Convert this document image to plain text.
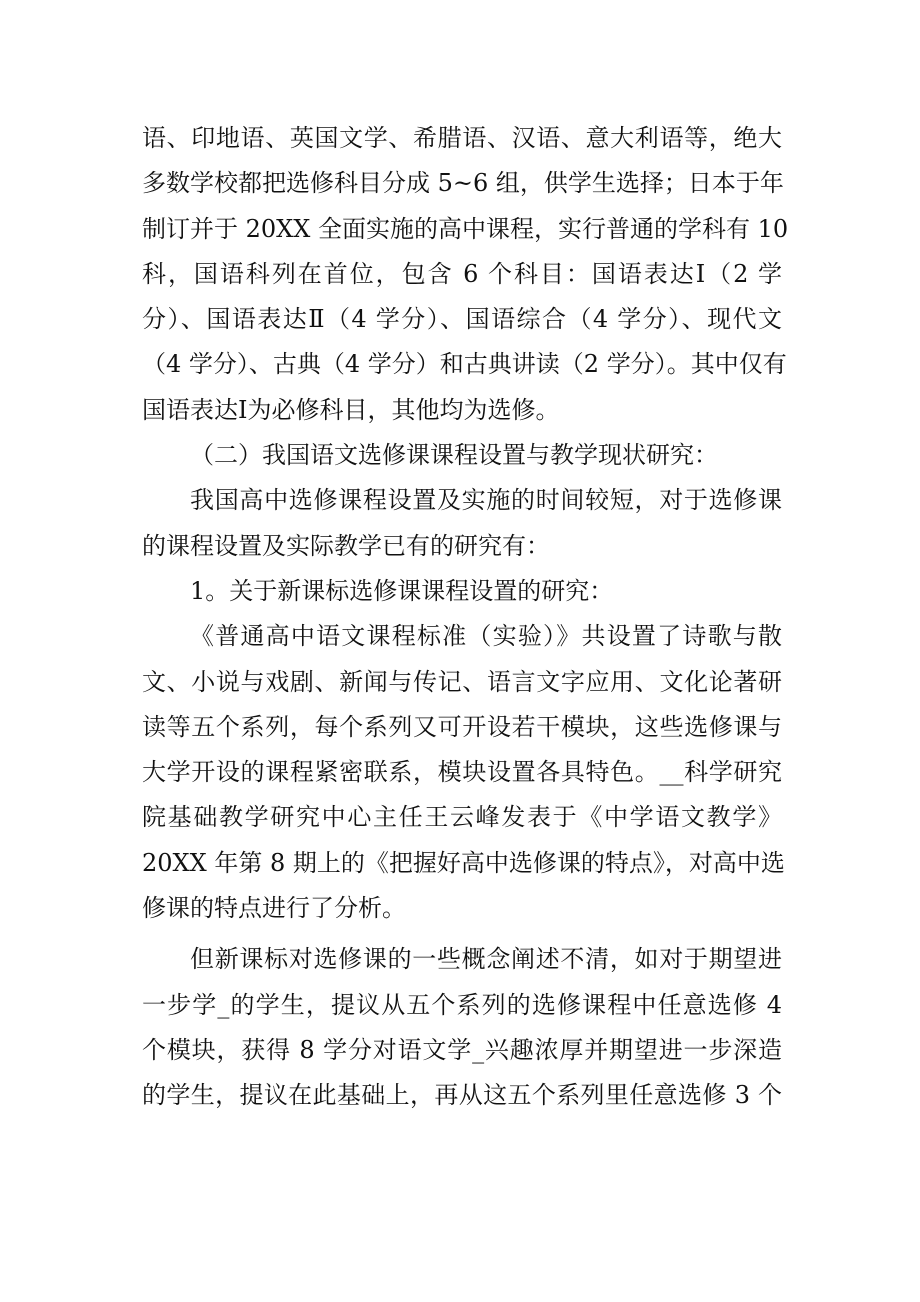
语、印地语、英国文学、希腊语、汉语、意大利语等，绝大
多数学校都把选修科目分成 5~6 组，供学生选择；日本于年
制订并于 20XX 全面实施的高中课程，实行普通的学科有 10
科，国语科列在首位，包含 6 个科目：国语表达Ⅰ（2 学
分）、国语表达Ⅱ（4 学分）、国语综合（4 学分）、现代文
（4 学分）、古典（4 学分）和古典讲读（2 学分）。其中仅有
国语表达Ⅰ为必修科目，其他均为选修。
（二）我国语文选修课课程设置与教学现状研究：
我国高中选修课程设置及实施的时间较短，对于选修课
的课程设置及实际教学已有的研究有：
1。关于新课标选修课课程设置的研究：
《普通高中语文课程标准（实验）》共设置了诗歌与散
文、小说与戏剧、新闻与传记、语言文字应用、文化论著研
读等五个系列，每个系列又可开设若干模块，这些选修课与
大学开设的课程紧密联系，模块设置各具特色。__科学研究
院基础教学研究中心主任王云峰发表于《中学语文教学》
20XX 年第 8 期上的《把握好高中选修课的特点》，对高中选
修课的特点进行了分析。
但新课标对选修课的一些概念阐述不清，如对于期望进
一步学_的学生，提议从五个系列的选修课程中任意选修 4
个模块，获得 8 学分对语文学_兴趣浓厚并期望进一步深造
的学生，提议在此基础上，再从这五个系列里任意选修 3 个
